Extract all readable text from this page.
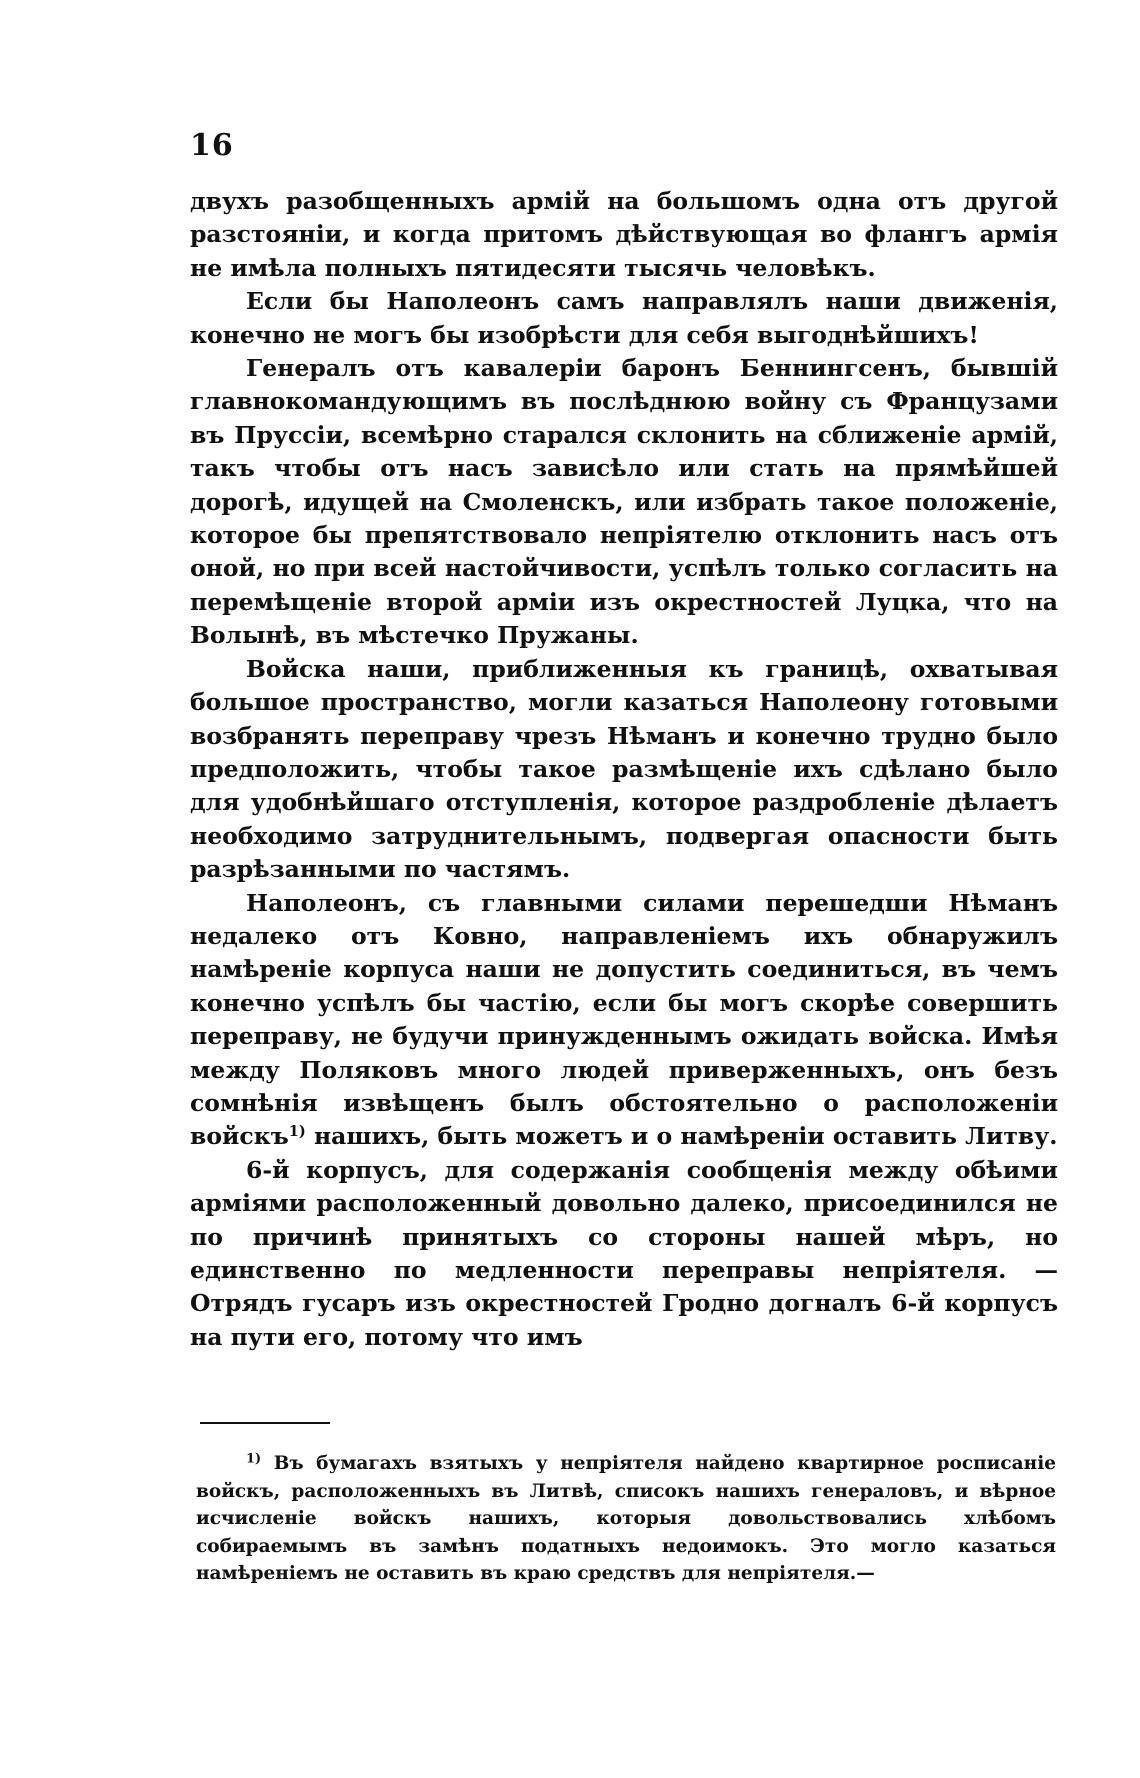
16

двухъ разобщенныхъ армій на большомъ одна отъ другой разстояніи, и когда притомъ дѣйствующая во флангъ армія не имѣла полныхъ пятидесяти тысячь человѣкъ.

Если бы Наполеонъ самъ направлялъ наши движенія, конечно не могъ бы изобрѣсти для себя выгоднѣйшихъ!

Генералъ отъ кавалеріи баронъ Беннингсенъ, бывшій главнокомандующимъ въ послѣднюю войну съ Французами въ Пруссіи, всемѣрно старался склонить на сближеніе армій, такъ чтобы отъ насъ зависѣло или стать на прямѣйшей дорогѣ, идущей на Смоленскъ, или избрать такое положеніе, которое бы препятствовало непріятелю отклонить насъ отъ оной, но при всей настойчивости, успѣлъ только согласить на перемѣщеніе второй арміи изъ окрестностей Луцка, что на Волынѣ, въ мѣстечко Пружаны.

Войска наши, приближенныя къ границѣ, охватывая большое пространство, могли казаться Наполеону готовыми возбранять переправу чрезъ Нѣманъ и конечно трудно было предположить, чтобы такое размѣщеніе ихъ сдѣлано было для удобнѣйшаго отступленія, которое раздробленіе дѣлаетъ необходимо затруднительнымъ, подвергая опасности быть разрѣзанными по частямъ.

Наполеонъ, съ главными силами перешедши Нѣманъ недалеко отъ Ковно, направленіемъ ихъ обнаружилъ намѣреніе корпуса наши не допустить соединиться, въ чемъ конечно успѣлъ бы частію, если бы могъ скорѣе совершить переправу, не будучи принужденнымъ ожидать войска. Имѣя между Поляковъ много людей приверженныхъ, онъ безъ сомнѣнія извѣщенъ былъ обстоятельно о расположеніи войскъ$^{1)}$ нашихъ, быть можетъ и о намѣреніи оставить Литву.

6-й корпусъ, для содержанія сообщенія между обѣими арміями расположенный довольно далеко, присоединился не по причинѣ принятыхъ со стороны нашей мѣръ, но единственно по медленности переправы непріятеля. — Отрядъ гусаръ изъ окрестностей Гродно догналъ 6-й корпусъ на пути его, потому что имъ

$^{1)}$ Въ бумагахъ взятыхъ у непріятеля найдено квартирное росписаніе войскъ, расположенныхъ въ Литвѣ, списокъ нашихъ генераловъ, и вѣрное исчисленіе войскъ нашихъ, которыя довольствовались хлѣбомъ собираемымъ въ замѣнъ податныхъ недоимокъ. Это могло казаться намѣреніемъ не оставить въ краю средствъ для непріятеля.—
